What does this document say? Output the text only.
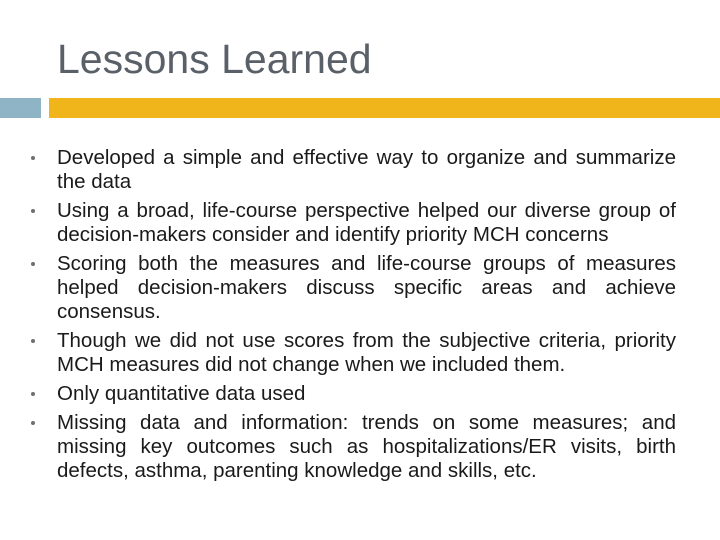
Lessons Learned
Developed a simple and effective way to organize and summarize the data
Using a broad, life-course perspective helped our diverse group of decision-makers consider and identify priority MCH concerns
Scoring both the measures and life-course groups of measures helped decision-makers discuss specific areas and achieve consensus.
Though we did not use scores from the subjective criteria, priority MCH measures did not change when we included them.
Only quantitative data used
Missing data and information: trends on some measures; and missing key outcomes such as hospitalizations/ER visits, birth defects, asthma, parenting knowledge and skills, etc.
